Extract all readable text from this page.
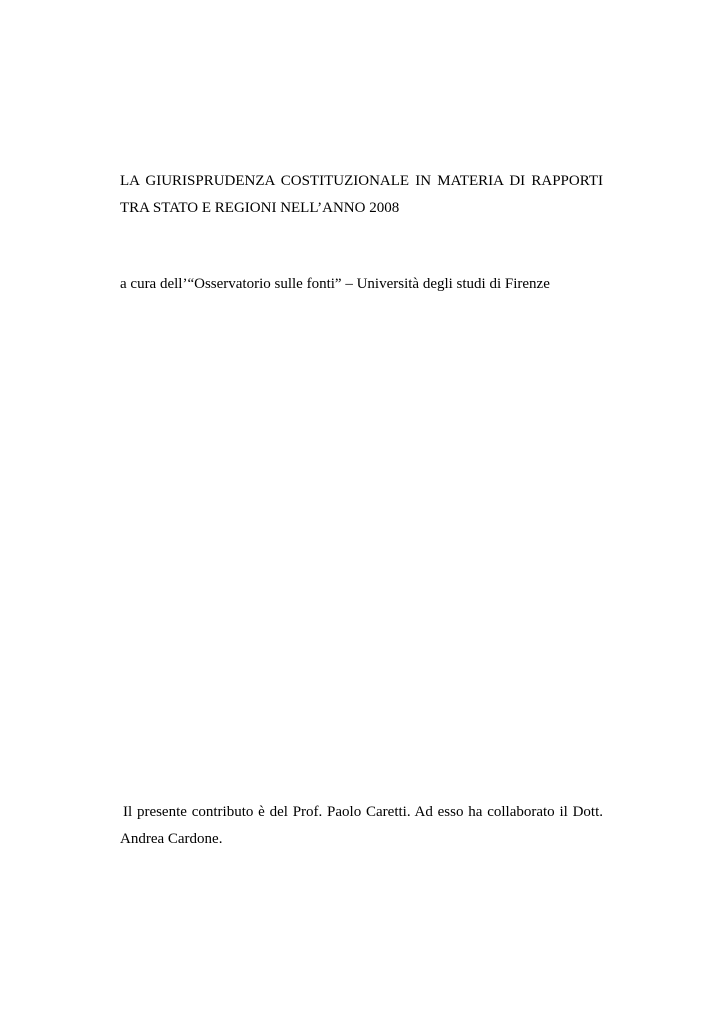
LA GIURISPRUDENZA COSTITUZIONALE IN MATERIA DI RAPPORTI
TRA STATO E REGIONI NELL’ANNO 2008
a cura dell’“Osservatorio sulle fonti” – Università degli studi di Firenze
Il presente contributo è del Prof. Paolo Caretti. Ad esso ha collaborato il Dott.
Andrea Cardone.
